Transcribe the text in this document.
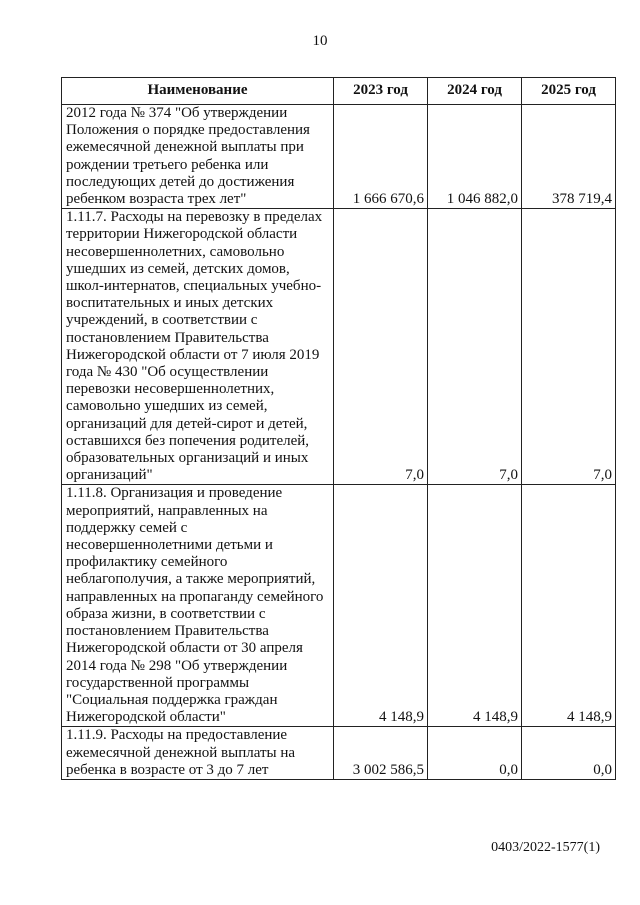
10
Наименование	2023 год	2024 год	2025 год
2012 года № 374 "Об утверждении Положения о порядке предоставления ежемесячной денежной выплаты при рождении третьего ребенка или последующих детей до достижения ребенком возраста трех лет"	1 666 670,6	1 046 882,0	378 719,4
1.11.7. Расходы на перевозку в пределах территории Нижегородской области несовершеннолетних, самовольно ушедших из семей, детских домов, школ-интернатов, специальных учебно-воспитательных и иных детских учреждений, в соответствии с постановлением Правительства Нижегородской области от 7 июля 2019 года № 430 "Об осуществлении перевозки несовершеннолетних, самовольно ушедших из семей, организаций для детей-сирот и детей, оставшихся без попечения родителей, образовательных организаций и иных организаций"	7,0	7,0	7,0
1.11.8. Организация и проведение мероприятий, направленных на поддержку семей с несовершеннолетними детьми и профилактику семейного неблагополучия, а также мероприятий, направленных на пропаганду семейного образа жизни, в соответствии с постановлением Правительства Нижегородской области от 30 апреля 2014 года № 298 "Об утверждении государственной программы "Социальная поддержка граждан Нижегородской области"	4 148,9	4 148,9	4 148,9
1.11.9. Расходы на предоставление ежемесячной денежной выплаты на ребенка в возрасте от 3 до 7 лет	3 002 586,5	0,0	0,0
0403/2022-1577(1)
